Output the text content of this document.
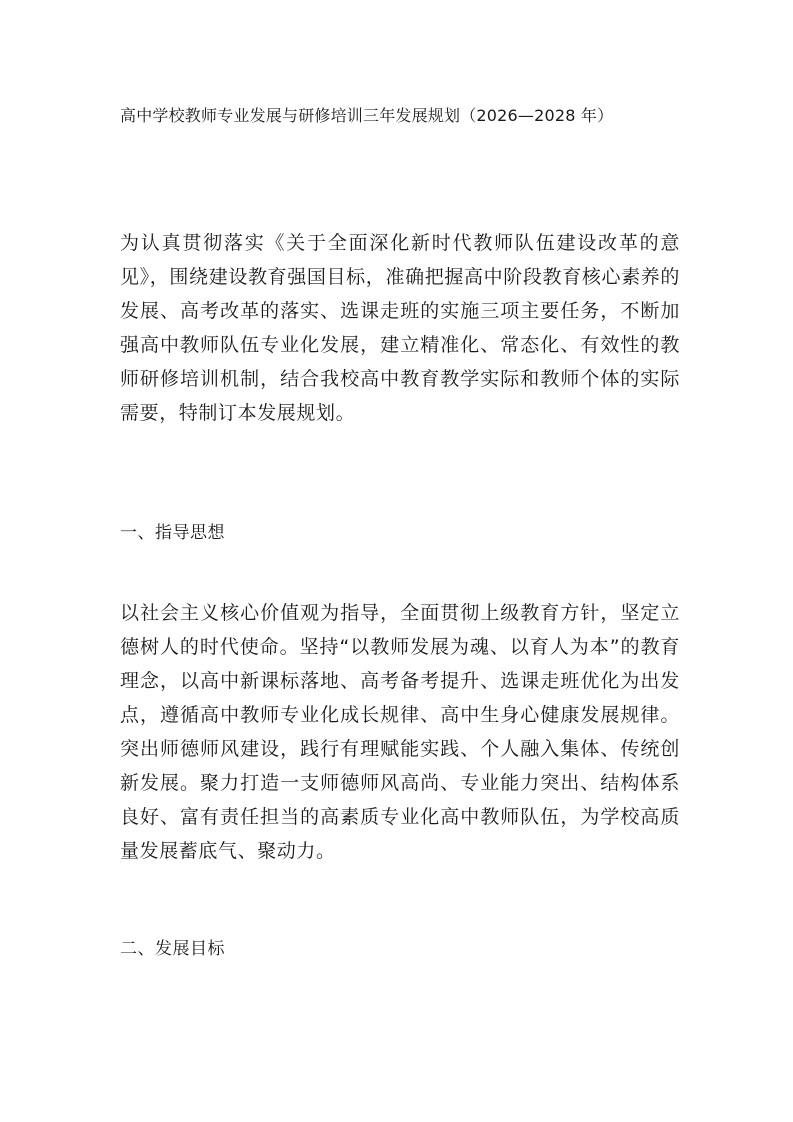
高中学校教师专业发展与研修培训三年发展规划（2026—2028 年）
为认真贯彻落实《关于全面深化新时代教师队伍建设改革的意见》，围绕建设教育强国目标，准确把握高中阶段教育核心素养的发展、高考改革的落实、选课走班的实施三项主要任务，不断加强高中教师队伍专业化发展，建立精准化、常态化、有效性的教师研修培训机制，结合我校高中教育教学实际和教师个体的实际需要，特制订本发展规划。
一、指导思想
以社会主义核心价值观为指导，全面贯彻上级教育方针，坚定立德树人的时代使命。坚持“以教师发展为魂、以育人为本”的教育理念，以高中新课标落地、高考备考提升、选课走班优化为出发点，遵循高中教师专业化成长规律、高中生身心健康发展规律。突出师德师风建设，践行有理赋能实践、个人融入集体、传统创新发展。聚力打造一支师德师风高尚、专业能力突出、结构体系良好、富有责任担当的高素质专业化高中教师队伍，为学校高质量发展蓄底气、聚动力。
二、发展目标
